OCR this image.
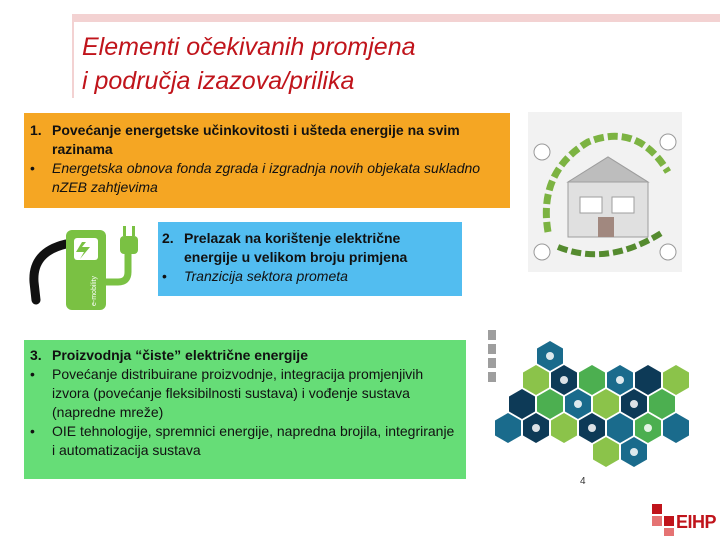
Elementi očekivanih promjena
i područja izazova/prilika
1. Povećanje energetske učinkovitosti i ušteda energije na svim razinama
•	Energetska obnova fonda zgrada i izgradnja novih objekata sukladno nZEB zahtjevima
e-mobility
2. Prelazak na korištenje električne energije u velikom broju primjena
•	Tranzicija sektora prometa
3. Proizvodnja “čiste” električne energije
•	Povećanje distribuirane proizvodnje, integracija promjenjivih izvora (povećanje fleksibilnosti sustava) i vođenje sustava (napredne mreže)
•	OIE tehnologije, spremnici energije, napredna brojila, integriranje i automatizacija sustava
4
EIHP
